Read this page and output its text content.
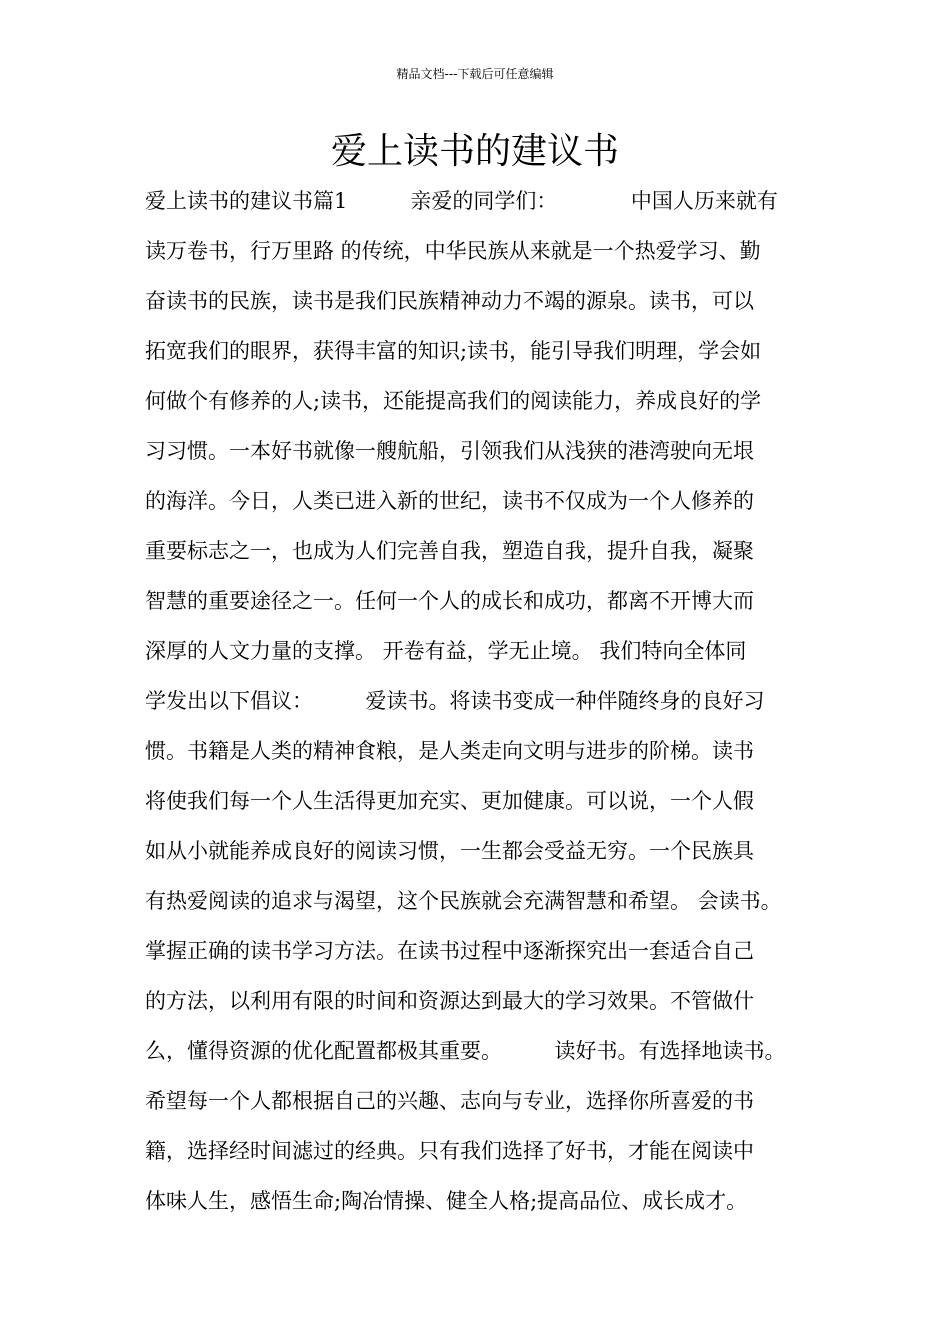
精品文档---下载后可任意编辑
爱上读书的建议书
爱上读书的建议书篇1　　　亲爱的同学们：　　　　中国人历来就有
读万卷书，行万里路 的传统，中华民族从来就是一个热爱学习、勤
奋读书的民族，读书是我们民族精神动力不竭的源泉。读书，可以
拓宽我们的眼界，获得丰富的知识;读书，能引导我们明理，学会如
何做个有修养的人;读书，还能提高我们的阅读能力，养成良好的学
习习惯。一本好书就像一艘航船，引领我们从浅狭的港湾驶向无垠
的海洋。今日，人类已进入新的世纪，读书不仅成为一个人修养的
重要标志之一，也成为人们完善自我，塑造自我，提升自我，凝聚
智慧的重要途径之一。任何一个人的成长和成功，都离不开博大而
深厚的人文力量的支撑。 开卷有益，学无止境。 我们特向全体同
学发出以下倡议：　　　爱读书。将读书变成一种伴随终身的良好习
惯。书籍是人类的精神食粮，是人类走向文明与进步的阶梯。读书
将使我们每一个人生活得更加充实、更加健康。可以说，一个人假
如从小就能养成良好的阅读习惯，一生都会受益无穷。一个民族具
有热爱阅读的追求与渴望，这个民族就会充满智慧和希望。 会读书。
掌握正确的读书学习方法。在读书过程中逐渐探究出一套适合自己
的方法，以利用有限的时间和资源达到最大的学习效果。不管做什
么，懂得资源的优化配置都极其重要。　　　读好书。有选择地读书。
希望每一个人都根据自己的兴趣、志向与专业，选择你所喜爱的书
籍，选择经时间滤过的经典。只有我们选择了好书，才能在阅读中
体味人生，感悟生命;陶冶情操、健全人格;提高品位、成长成才。
